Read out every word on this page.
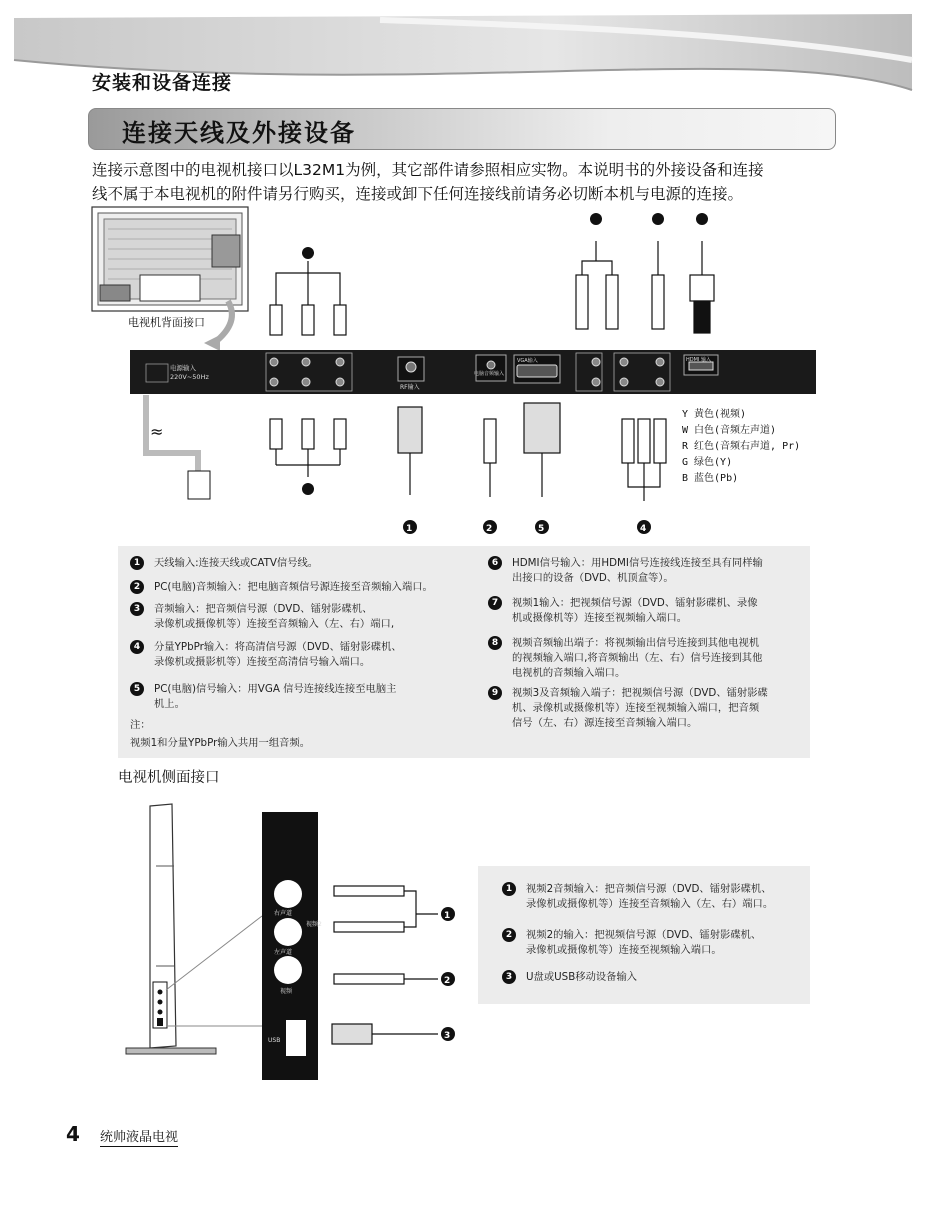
安装和设备连接
连接天线及外接设备
连接示意图中的电视机接口以L32M1为例，其它部件请参照相应实物。本说明书的外接设备和连接
线不属于本电视机的附件请另行购买，连接或卸下任何连接线前请务必切断本机与电源的连接。
电视机背面接口
电源输入
220V~50Hz
RF输入
电脑音频输入
VGA输入	HDMI 输入
≈
Y 黄色(视频)
W 白色(音频左声道)
R 红色(音频右声道, Pr)
G 绿色(Y)
B 蓝色(Pb)
1	2	5	4
1 天线输入:连接天线或CATV信号线。
2 PC(电脑)音频输入：把电脑音频信号源连接至音频输入端口。
3 音频输入：把音频信号源（DVD、镭射影碟机、
录像机或摄像机等）连接至音频输入（左、右）端口,
4 分量YPbPr输入：将高清信号源（DVD、镭射影碟机、
录像机或摄影机等）连接至高清信号输入端口。
5 PC(电脑)信号输入：用VGA 信号连接线连接至电脑主
机上。
注：
视频1和分量YPbPr输入共用一组音频。
6 HDMI信号输入：用HDMI信号连接线连接至具有同样输
出接口的设备（DVD、机顶盒等）。
7 视频1输入：把视频信号源（DVD、镭射影碟机、录像
机或摄像机等）连接至视频输入端口。
8 视频音频输出端子：将视频输出信号连接到其他电视机
的视频输入端口,将音频输出（左、右）信号连接到其他
电视机的音频输入端口。
9 视频3及音频输入端子：把视频信号源（DVD、镭射影碟
机、录像机或摄像机等）连接至视频输入端口，把音频
信号（左、右）源连接至音频输入端口。
电视机侧面接口
右声道
左声道
视频
视频2
USB
1
2
3
1 视频2音频输入：把音频信号源（DVD、镭射影碟机、
录像机或摄像机等）连接至音频输入（左、右）端口。
2 视频2的输入：把视频信号源（DVD、镭射影碟机、
录像机或摄像机等）连接至视频输入端口。
3 U盘或USB移动设备输入
4 统帅液晶电视
